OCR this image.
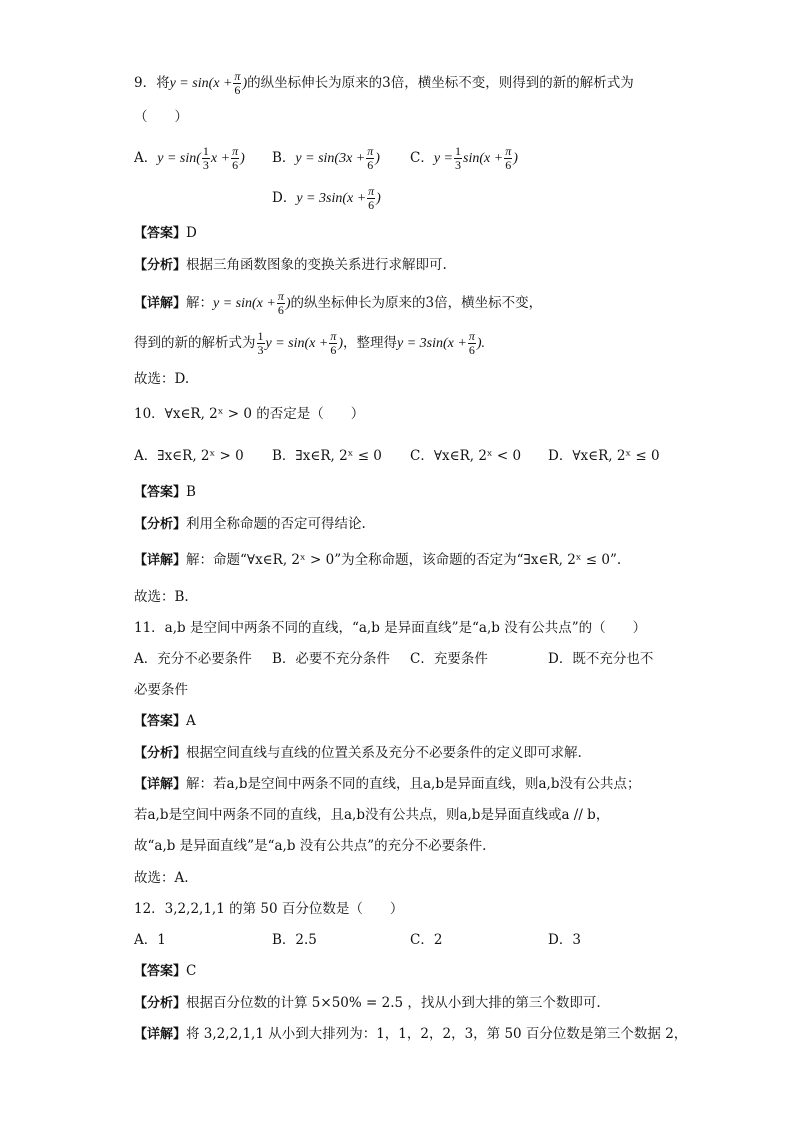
9．将$y = \sin(x + \frac{\pi}{6}$ )的纵坐标伸长为原来的3倍，横坐标不变，则得到的新的解析式为
（　　）
A．$y = \sin( \frac{1}{3}$ $x + \frac{\pi}{6}$ ) B．$y = \sin(3x + \frac{\pi}{6}$ ) C．$y = \frac{1}{3} \sin(x + \frac{\pi}{6}$ )
D．$y = 3\sin(x + \frac{\pi}{6}$ )
【答案】D
【分析】根据三角函数图象的变换关系进行求解即可.
【详解】解：$y = \sin(x + \frac{\pi}{6}$ )的纵坐标伸长为原来的3倍，横坐标不变，
得到的新的解析式为 $\frac{1}{3}$ $y = \sin(x + \frac{\pi}{6}$ )，整理得$y = 3\sin(x + \frac{\pi}{6}$ ).
故选：D.
10．∀x∈R, 2ˣ > 0 的否定是（　　）
A．∃x∈R, 2ˣ > 0 B．∃x∈R, 2ˣ ≤ 0 C．∀x∈R, 2ˣ < 0 D．∀x∈R, 2ˣ ≤ 0
【答案】B
【分析】利用全称命题的否定可得结论.
【详解】解：命题“∀x∈R, 2ˣ > 0”为全称命题，该命题的否定为“∃x∈R, 2ˣ ≤ 0”.
故选：B.
11．a,b 是空间中两条不同的直线，“a,b 是异面直线”是“a,b 没有公共点”的（　　）
A．充分不必要条件 B．必要不充分条件 C．充要条件	D．既不充分也不
必要条件
【答案】A
【分析】根据空间直线与直线的位置关系及充分不必要条件的定义即可求解.
【详解】解：若a,b是空间中两条不同的直线，且a,b是异面直线，则a,b没有公共点；
若a,b是空间中两条不同的直线，且a,b没有公共点，则a,b是异面直线或a // b，
故“a,b 是异面直线”是“a,b 没有公共点”的充分不必要条件.
故选：A.
12．3,2,2,1,1 的第 50 百分位数是（　　）
A．1	B．2.5	C．2	D．3
【答案】C
【分析】根据百分位数的计算 5×50% = 2.5 ，找从小到大排的第三个数即可.
【详解】将 3,2,2,1,1 从小到大排列为：1，1，2，2，3，第 50 百分位数是第三个数据 2，
